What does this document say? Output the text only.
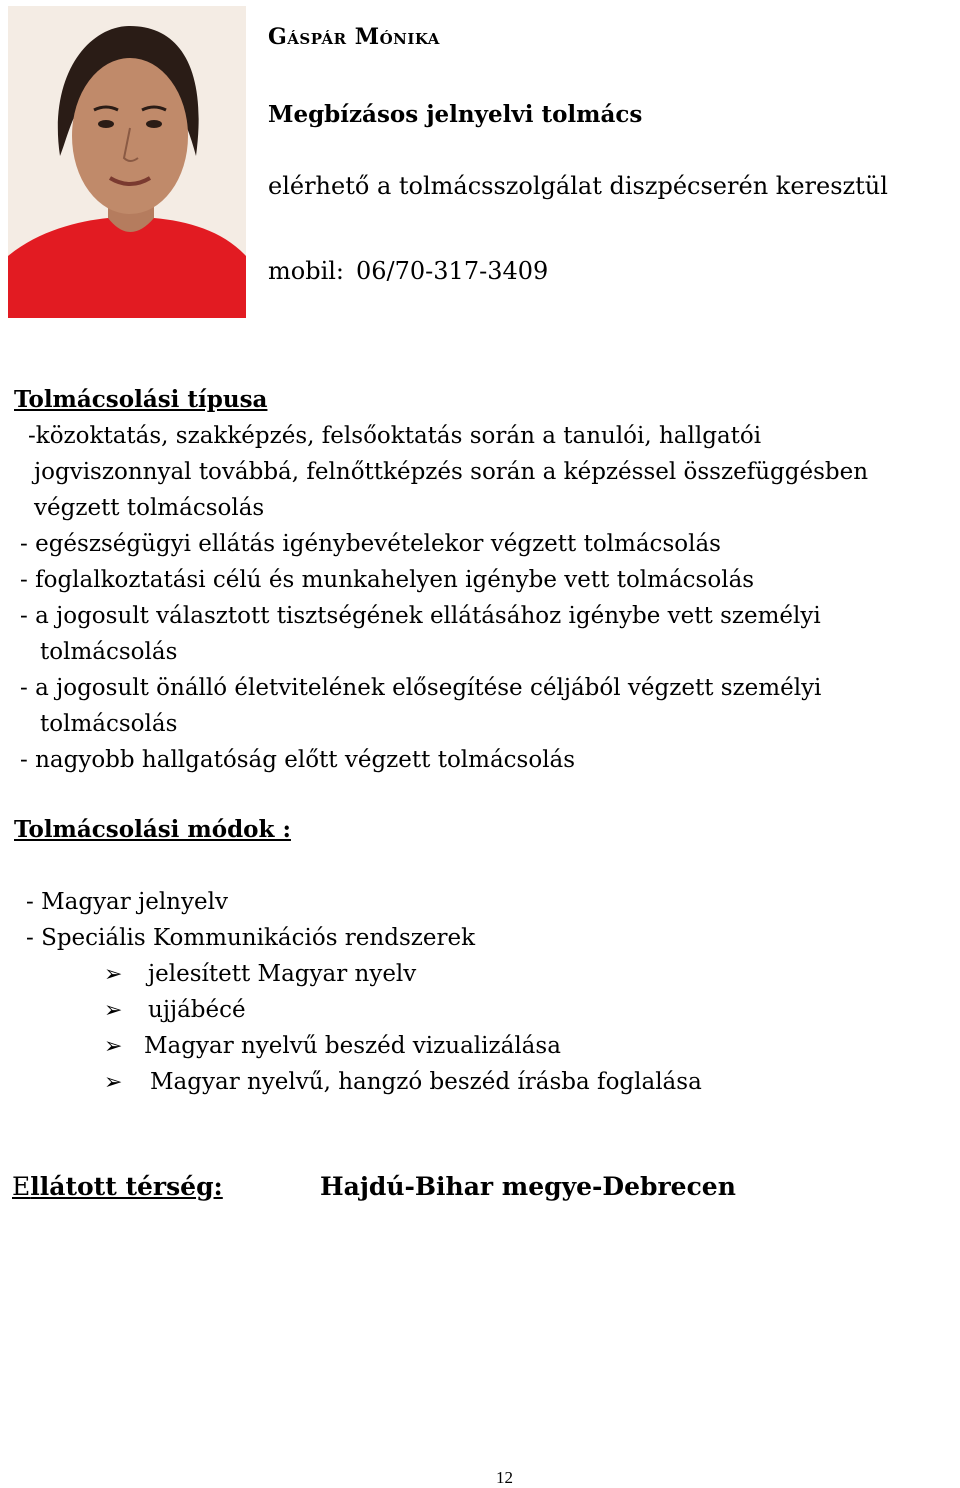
Gáspár Mónika
Megbízásos jelnyelvi tolmács
elérhető a tolmácsszolgálat diszpécserén keresztül
mobil: 06/70-317-3409
Tolmácsolási típusa
-közoktatás, szakképzés, felsőoktatás során a tanulói, hallgatói
jogviszonnyal továbbá, felnőttképzés során a képzéssel összefüggésben
végzett tolmácsolás
- egészségügyi ellátás igénybevételekor végzett tolmácsolás
- foglalkoztatási célú és munkahelyen igénybe vett tolmácsolás
- a jogosult választott tisztségének ellátásához igénybe vett személyi
tolmácsolás
- a jogosult önálló életvitelének elősegítése céljából végzett személyi
tolmácsolás
- nagyobb hallgatóság előtt végzett tolmácsolás
Tolmácsolási módok :
- Magyar jelnyelv
- Speciális Kommunikációs rendszerek
➢ jelesített Magyar nyelv
➢ ujjábécé
➢ Magyar nyelvű beszéd vizualizálása
➢ Magyar nyelvű, hangzó beszéd írásba foglalása
Ellátott térség:	Hajdú-Bihar megye-Debrecen
12
